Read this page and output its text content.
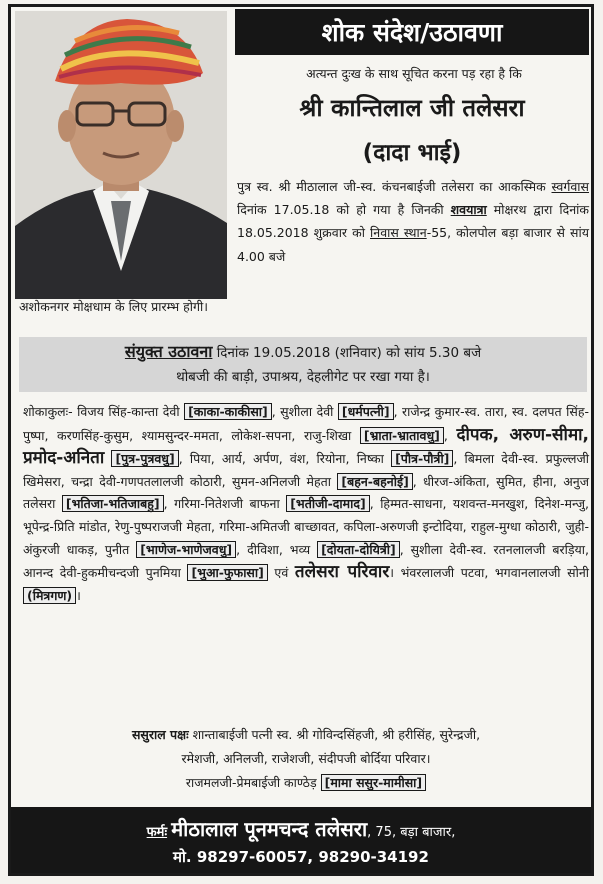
शोक संदेश/उठावणा
अत्यन्त दुःख के साथ सूचित करना पड़ रहा है कि
श्री कान्तिलाल जी तलेसरा
(दादा भाई)
पुत्र स्व. श्री मीठालाल जी-स्व. कंचनबाईजी तलेसरा का आकस्मिक स्वर्गवास दिनांक 17.05.18 को हो गया है जिनकी शवयात्रा मोक्षरथ द्वारा दिनांक 18.05.2018 शुक्रवार को निवास स्थान-55, कोलपोल बड़ा बाजार से सांय 4.00 बजे
अशोकनगर मोक्षधाम के लिए प्रारम्भ होगी।
संयुक्त उठावना दिनांक 19.05.2018 (शनिवार) को सांय 5.30 बजे
थोबजी की बाड़ी, उपाश्रय, देहलीगेट पर रखा गया है।
शोकाकुलः- विजय सिंह-कान्ता देवी [काका-काकीसा] , सुशीला देवी [धर्मपत्नी] , राजेन्द्र कुमार-स्व. तारा, स्व. दलपत सिंह-पुष्पा, करणसिंह-कुसुम, श्यामसुन्दर-ममता, लोकेश-सपना, राजु-शिखा [भ्राता-भ्रातावधु] , दीपक, अरुण-सीमा, प्रमोद-अनिता [पुत्र-पुत्रवधु] , पिया, आर्य, अर्पण, वंश, रियोना, निष्का [पौत्र-पौत्री] , बिमला देवी-स्व. प्रफुल्लजी खिमेसरा, चन्द्रा देवी-गणपतलालजी कोठारी, सुमन-अनिलजी मेहता [बहन-बहनोई] , धीरज-अंकिता, सुमित, हीना, अनुज तलेसरा [भतिजा-भतिजाबहु] , गरिमा-नितेशजी बाफना [भतीजी-दामाद] , हिम्मत-साधना, यशवन्त-मनखुश, दिनेश-मन्जु, भूपेन्द्र-प्रिति मांडोत, रेणु-पुष्पराजजी मेहता, गरिमा-अमितजी बाच्छावत, कपिला-अरुणजी इन्टोदिया, राहुल-मुग्धा कोठारी, जुही-अंकुरजी धाकड़, पुनीत [भाणेज-भाणेजवधु] , दीविशा, भव्य [दोयता-दोयित्री] , सुशीला देवी-स्व. रतनलालजी बरड़िया, आनन्द देवी-हुकमीचन्दजी पुनमिया [भुआ-फुफासा] एवं तलेसरा परिवार। भंवरलालजी पटवा, भगवानलालजी सोनी (मित्रगण) ।
ससुराल पक्षः शान्ताबाईजी पत्नी स्व. श्री गोविन्दसिंहजी, श्री हरीसिंह, सुरेन्द्रजी,
रमेशजी, अनिलजी, राजेशजी, संदीपजी बोर्दिया परिवार।
राजमलजी-प्रेमबाईजी काण्ठेड़ [मामा ससुर-मामीसा]
फर्मः मीठालाल पूनमचन्द तलेसरा, 75, बड़ा बाजार,
मो. 98297-60057, 98290-34192
